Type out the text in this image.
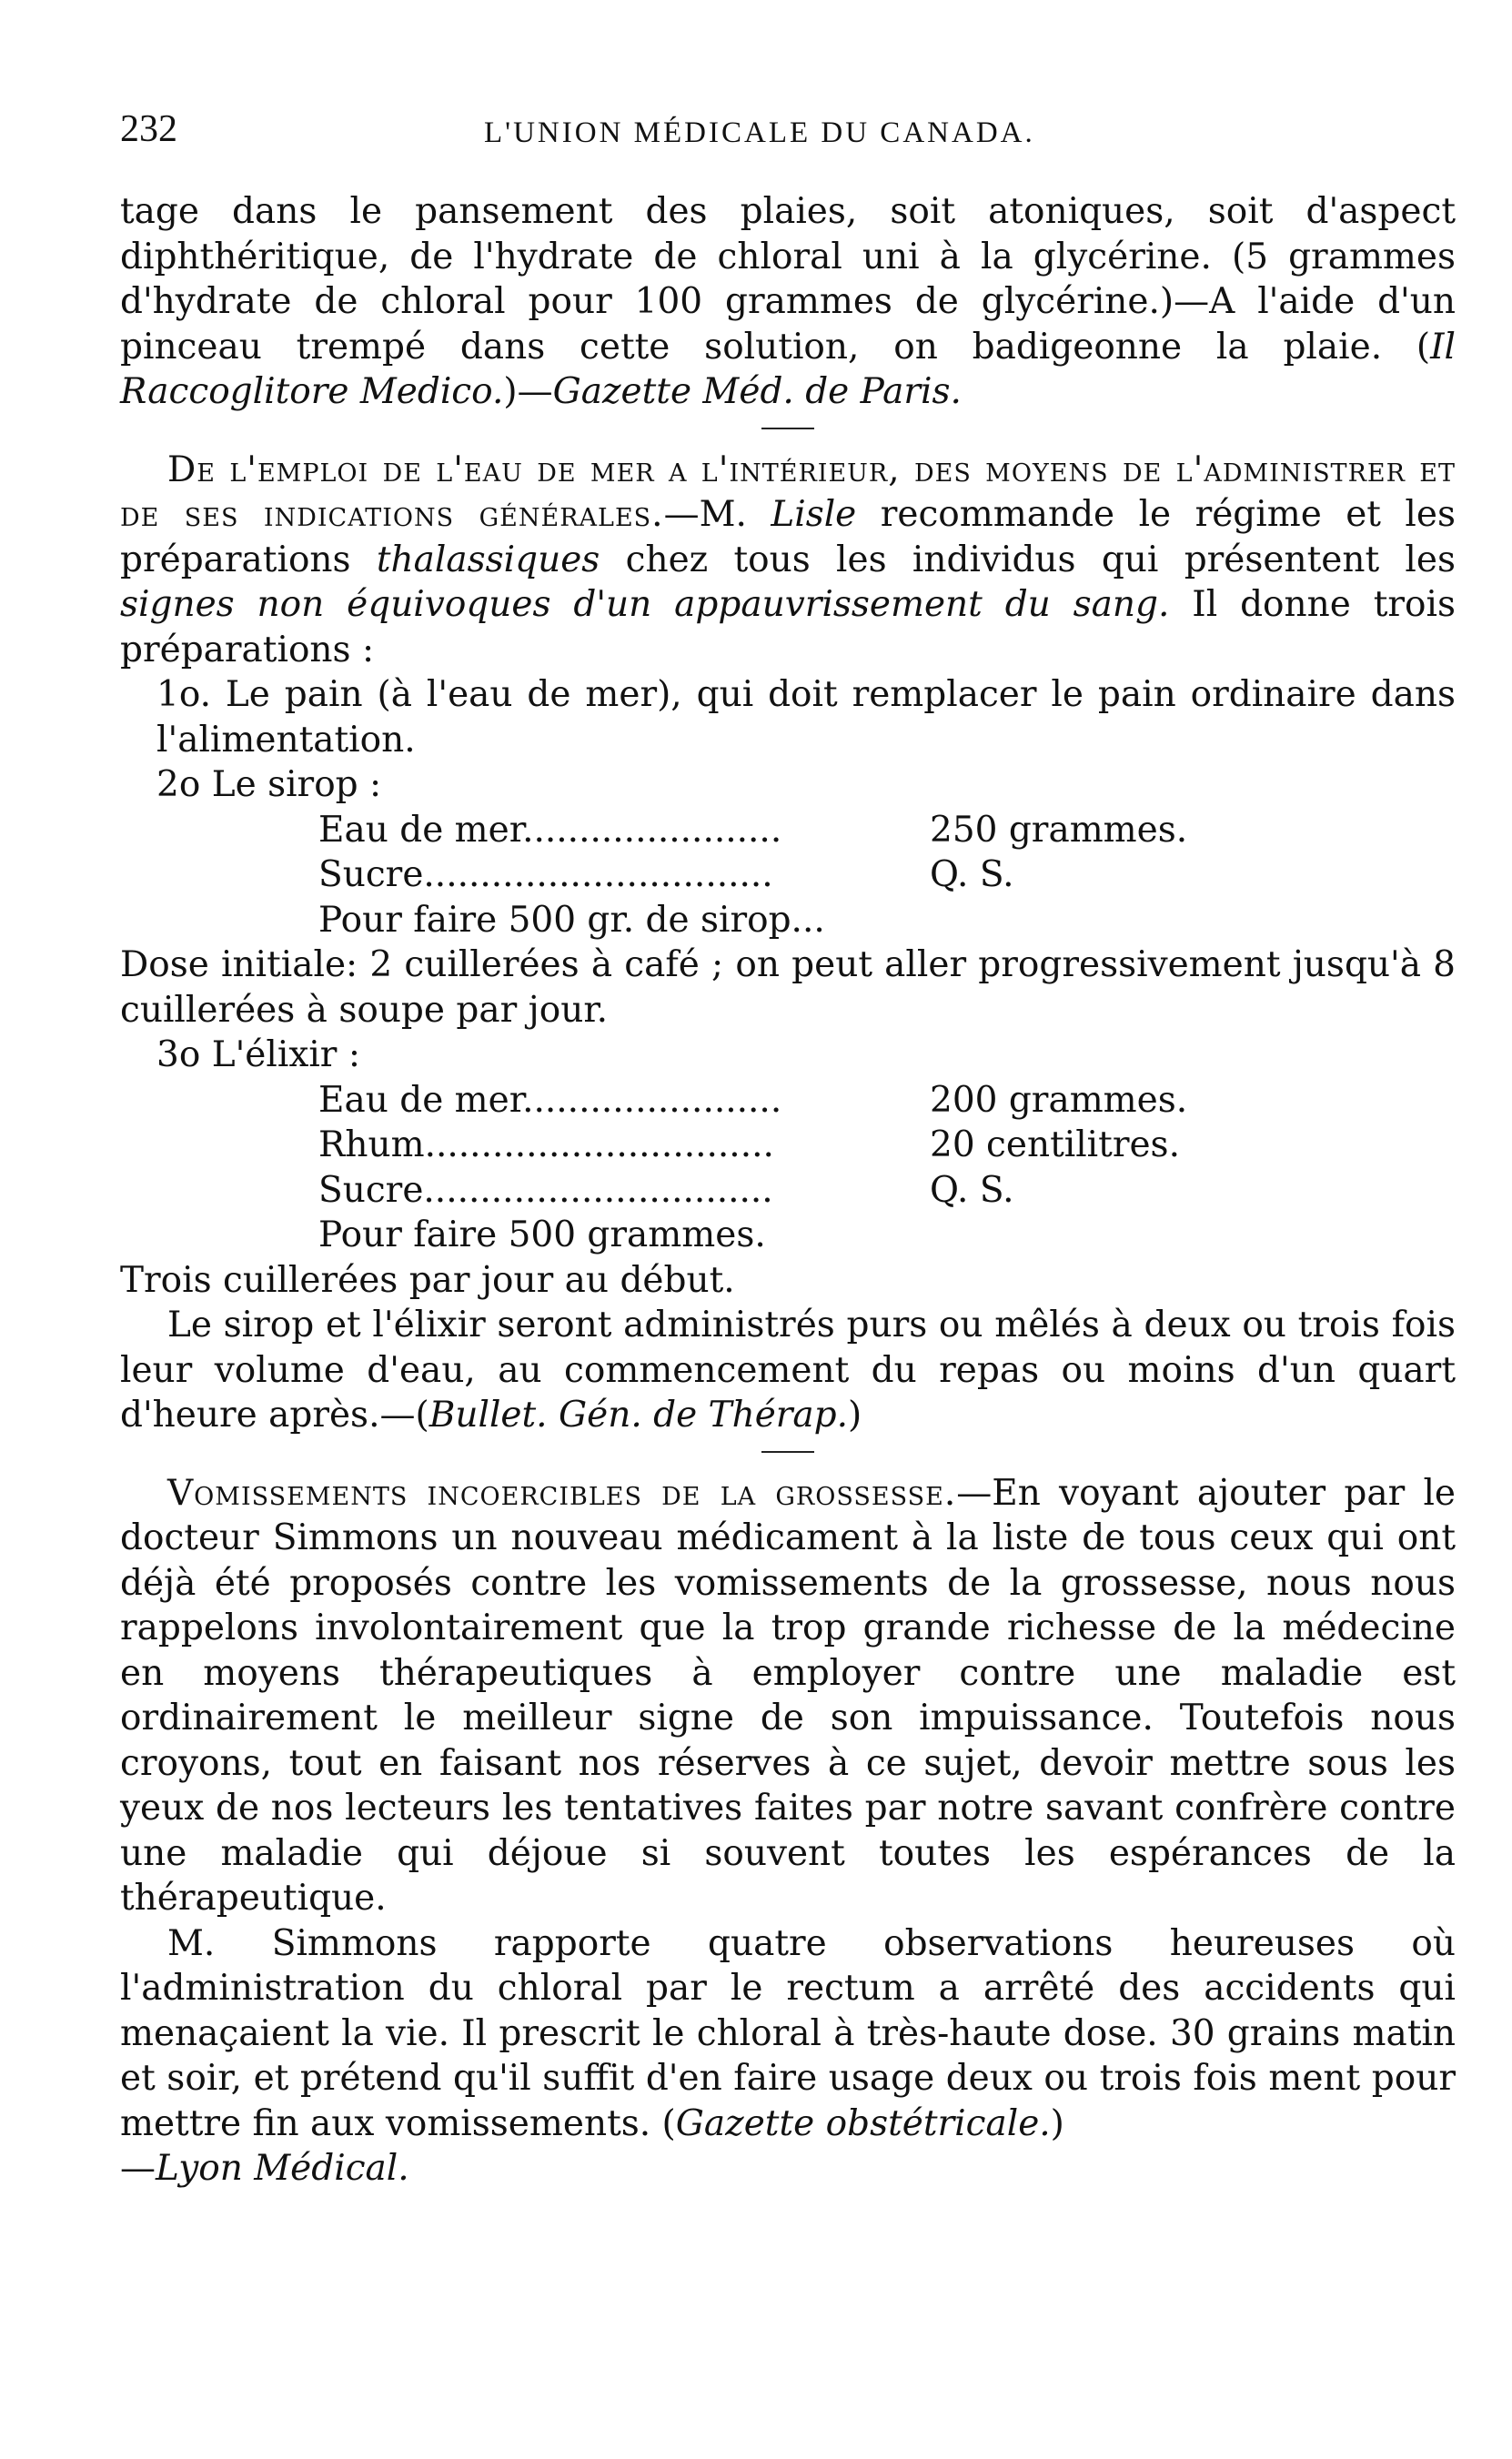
232	L'UNION MÉDICALE DU CANADA.

tage dans le pansement des plaies, soit atoniques, soit d'aspect diphthéritique, de l'hydrate de chloral uni à la glycérine. (5 grammes d'hydrate de chloral pour 100 grammes de glycérine.)—A l'aide d'un pinceau trempé dans cette solution, on badigeonne la plaie. (Il Raccoglitore Medico.)—Gazette Méd. de Paris.

De l'emploi de l'eau de mer a l'intérieur, des moyens de l'administrer et de ses indications générales.—M. Lisle recommande le régime et les préparations thalassiques chez tous les individus qui présentent les signes non équivoques d'un appauvrissement du sang. Il donne trois préparations :

1o. Le pain (à l'eau de mer), qui doit remplacer le pain ordinaire dans l'alimentation.

2o Le sirop :

Eau de mer.......................	250 grammes.
Sucre...............................	Q. S.
Pour faire 500 gr. de sirop...

Dose initiale: 2 cuillerées à café ; on peut aller progressivement jusqu'à 8 cuillerées à soupe par jour.

3o L'élixir :

Eau de mer.......................	200 grammes.
Rhum...............................	20 centilitres.
Sucre...............................	Q. S.
Pour faire 500 grammes.

Trois cuillerées par jour au début.

Le sirop et l'élixir seront administrés purs ou mêlés à deux ou trois fois leur volume d'eau, au commencement du repas ou moins d'un quart d'heure après.—(Bullet. Gén. de Thérap.)

Vomissements incoercibles de la grossesse.—En voyant ajouter par le docteur Simmons un nouveau médicament à la liste de tous ceux qui ont déjà été proposés contre les vomissements de la grossesse, nous nous rappelons involontairement que la trop grande richesse de la médecine en moyens thérapeutiques à employer contre une maladie est ordinairement le meilleur signe de son impuissance. Toutefois nous croyons, tout en faisant nos réserves à ce sujet, devoir mettre sous les yeux de nos lecteurs les tentatives faites par notre savant confrère contre une maladie qui déjoue si souvent toutes les espérances de la thérapeutique.

M. Simmons rapporte quatre observations heureuses où l'administration du chloral par le rectum a arrêté des accidents qui menaçaient la vie. Il prescrit le chloral à très-haute dose. 30 grains matin et soir, et prétend qu'il suffit d'en faire usage deux ou trois fois ment pour mettre fin aux vomissements. (Gazette obstétricale.)

—Lyon Médical.
